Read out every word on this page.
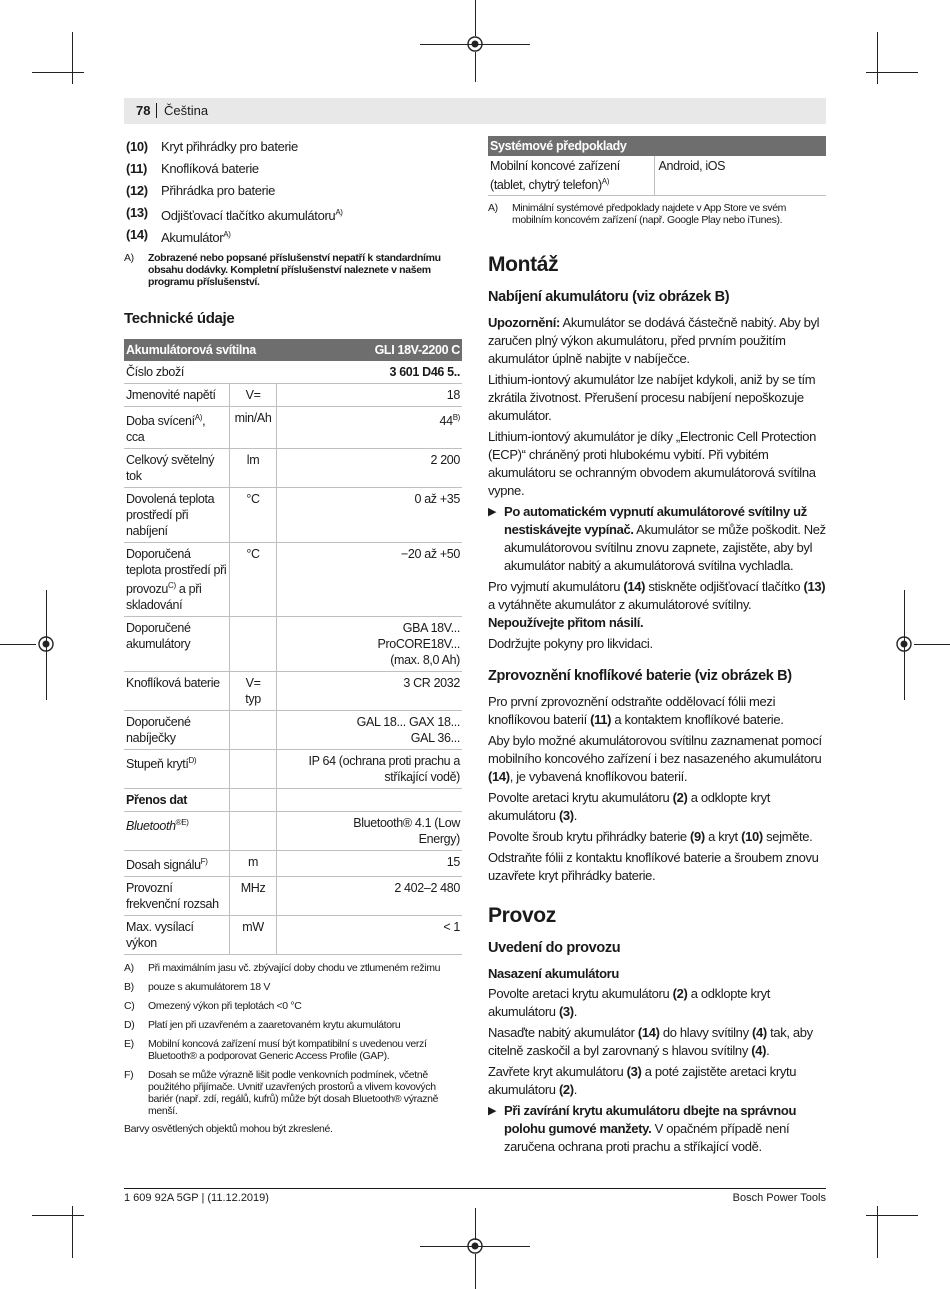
78 Čeština
(10) Kryt přihrádky pro baterie
(11) Knoflíková baterie
(12) Přihrádka pro baterie
(13) Odjišťovací tlačítko akumulátoru$^{A)}$
(14) Akumulátor$^{A)}$
A)	Zobrazené nebo popsané příslušenství nepatří k standardnímu obsahu dodávky. Kompletní příslušenství naleznete v našem programu příslušenství.
Technické údaje
Akumulátorová svítilna		GLI 18V-2200 C
Číslo zboží		3 601 D46 5..
Jmenovité napětí	V=	18
Doba svícení$^{A)}$, cca	min/Ah	$44^{B)}$
Celkový světelný tok	lm	2 200
Dovolená teplota prostředí při nabíjení	°C	0 až +35
Doporučená teplota prostředí při provozu$^{C)}$ a při skladování	°C	−20 až +50
Doporučené akumulátory		GBA 18V... ProCORE18V... (max. 8,0 Ah)
Knoflíková baterie	V= typ	3 CR 2032
Doporučené nabíječky		GAL 18... GAX 18... GAL 36...
Stupeň krytí$^{D)}$		IP 64 (ochrana proti prachu a stříkající vodě)
Přenos dat		
Bluetooth$^{®E)}$		Bluetooth® 4.1 (Low Energy)
Dosah signálu$^{F)}$	m	15
Provozní frekvenční rozsah	MHz	2 402–2 480
Max. vysílací výkon	mW	< 1
A)	Při maximálním jasu vč. zbývající doby chodu ve ztlumeném režimu
B)	pouze s akumulátorem 18 V
C)	Omezený výkon při teplotách <0 °C
D)	Platí jen při uzavřeném a zaaretovaném krytu akumulátoru
E)	Mobilní koncová zařízení musí být kompatibilní s uvedenou verzí Bluetooth® a podporovat Generic Access Profile (GAP).
F)	Dosah se může výrazně lišit podle venkovních podmínek, včetně použitého přijímače. Uvnitř uzavřených prostorů a vlivem kovových bariér (např. zdí, regálů, kufrů) může být dosah Bluetooth® výrazně menší.
Barvy osvětlených objektů mohou být zkreslené.
Systémové předpoklady
Mobilní koncové zařízení (tablet, chytrý telefon)$^{A)}$	Android, iOS
A)	Minimální systémové předpoklady najdete v App Store ve svém mobilním koncovém zařízení (např. Google Play nebo iTunes).
Montáž
Nabíjení akumulátoru (viz obrázek B)

Upozornění: Akumulátor se dodává částečně nabitý. Aby byl zaručen plný výkon akumulátoru, před prvním použitím akumulátor úplně nabijte v nabíječce.

Lithium-iontový akumulátor lze nabíjet kdykoli, aniž by se tím zkrátila životnost. Přerušení procesu nabíjení nepoškozuje akumulátor.

Lithium-iontový akumulátor je díky „Electronic Cell Protection (ECP)“ chráněný proti hlubokému vybití. Při vybitém akumulátoru se ochranným obvodem akumulátorová svítilna vypne.

▶ Po automatickém vypnutí akumulátorové svítilny už nestiskávejte vypínač. Akumulátor se může poškodit. Než akumulátorovou svítilnu znovu zapnete, zajistěte, aby byl akumulátor nabitý a akumulátorová svítilna vychladla.

Pro vyjmutí akumulátoru (14) stiskněte odjišťovací tlačítko (13) a vytáhněte akumulátor z akumulátorové svítilny. Nepoužívejte přitom násilí.

Dodržujte pokyny pro likvidaci.

Zprovoznění knoflíkové baterie (viz obrázek B)

Pro první zprovoznění odstraňte oddělovací fólii mezi knoflíkovou baterií (11) a kontaktem knoflíkové baterie.

Aby bylo možné akumulátorovou svítilnu zaznamenat pomocí mobilního koncového zařízení i bez nasazeného akumulátoru (14), je vybavená knoflíkovou baterií.

Povolte aretaci krytu akumulátoru (2) a odklopte kryt akumulátoru (3).

Povolte šroub krytu přihrádky baterie (9) a kryt (10) sejměte.

Odstraňte fólii z kontaktu knoflíkové baterie a šroubem znovu uzavřete kryt přihrádky baterie.

Provoz
Uvedení do provozu
Nasazení akumulátoru

Povolte aretaci krytu akumulátoru (2) a odklopte kryt akumulátoru (3).

Nasaďte nabitý akumulátor (14) do hlavy svítilny (4) tak, aby citelně zaskočil a byl zarovnaný s hlavou svítilny (4).

Zavřete kryt akumulátoru (3) a poté zajistěte aretaci krytu akumulátoru (2).

▶ Při zavírání krytu akumulátoru dbejte na správnou polohu gumové manžety. V opačném případě není zaručena ochrana proti prachu a stříkající vodě.
1 609 92A 5GP | (11.12.2019)	Bosch Power Tools
